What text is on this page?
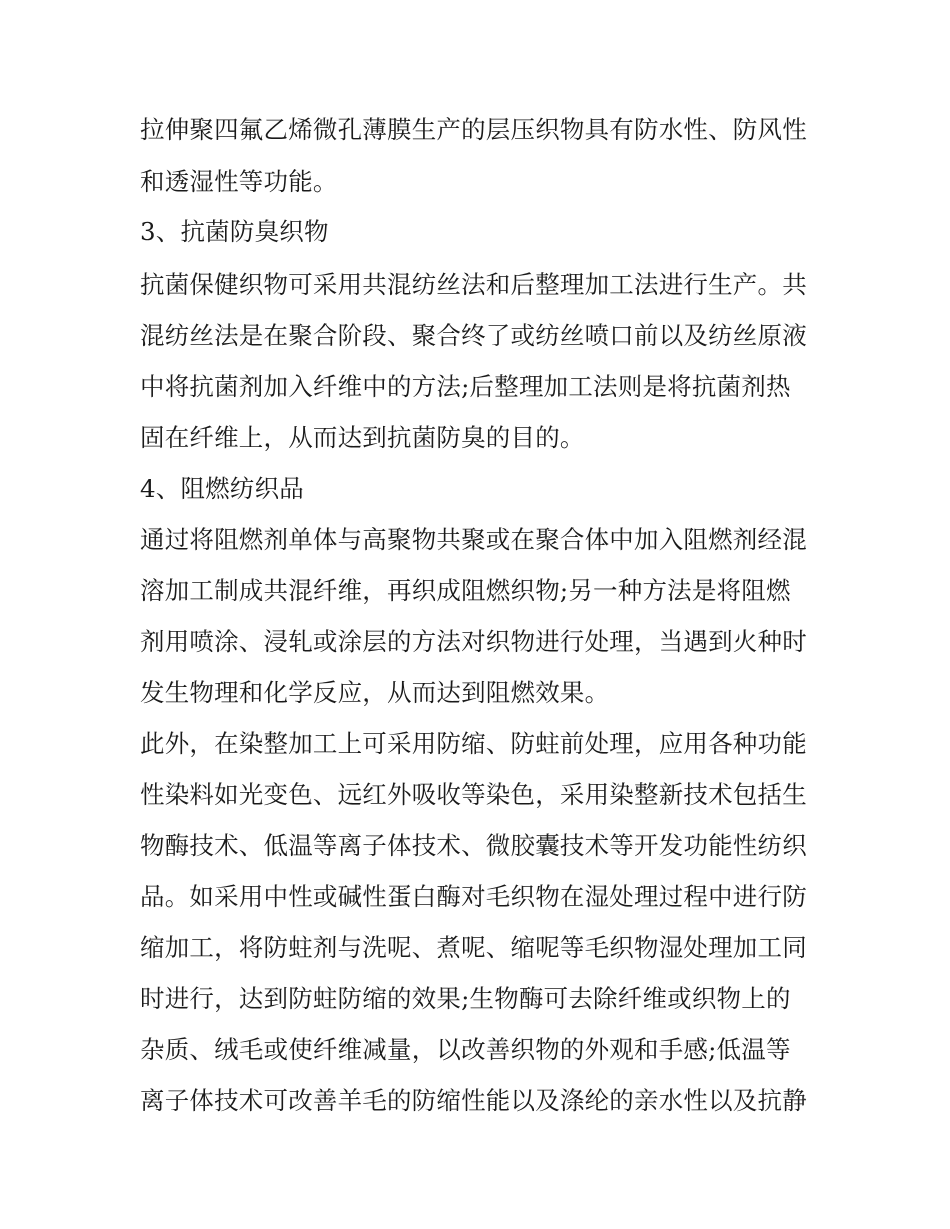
拉伸聚四氟乙烯微孔薄膜生产的层压织物具有防水性、防风性
和透湿性等功能。
3、抗菌防臭织物
抗菌保健织物可采用共混纺丝法和后整理加工法进行生产。共
混纺丝法是在聚合阶段、聚合终了或纺丝喷口前以及纺丝原液
中将抗菌剂加入纤维中的方法;后整理加工法则是将抗菌剂热
固在纤维上，从而达到抗菌防臭的目的。
4、阻燃纺织品
通过将阻燃剂单体与高聚物共聚或在聚合体中加入阻燃剂经混
溶加工制成共混纤维，再织成阻燃织物;另一种方法是将阻燃
剂用喷涂、浸轧或涂层的方法对织物进行处理，当遇到火种时
发生物理和化学反应，从而达到阻燃效果。
此外，在染整加工上可采用防缩、防蛀前处理，应用各种功能
性染料如光变色、远红外吸收等染色，采用染整新技术包括生
物酶技术、低温等离子体技术、微胶囊技术等开发功能性纺织
品。如采用中性或碱性蛋白酶对毛织物在湿处理过程中进行防
缩加工，将防蛀剂与洗呢、煮呢、缩呢等毛织物湿处理加工同
时进行，达到防蛀防缩的效果;生物酶可去除纤维或织物上的
杂质、绒毛或使纤维减量，以改善织物的外观和手感;低温等
离子体技术可改善羊毛的防缩性能以及涤纶的亲水性以及抗静
